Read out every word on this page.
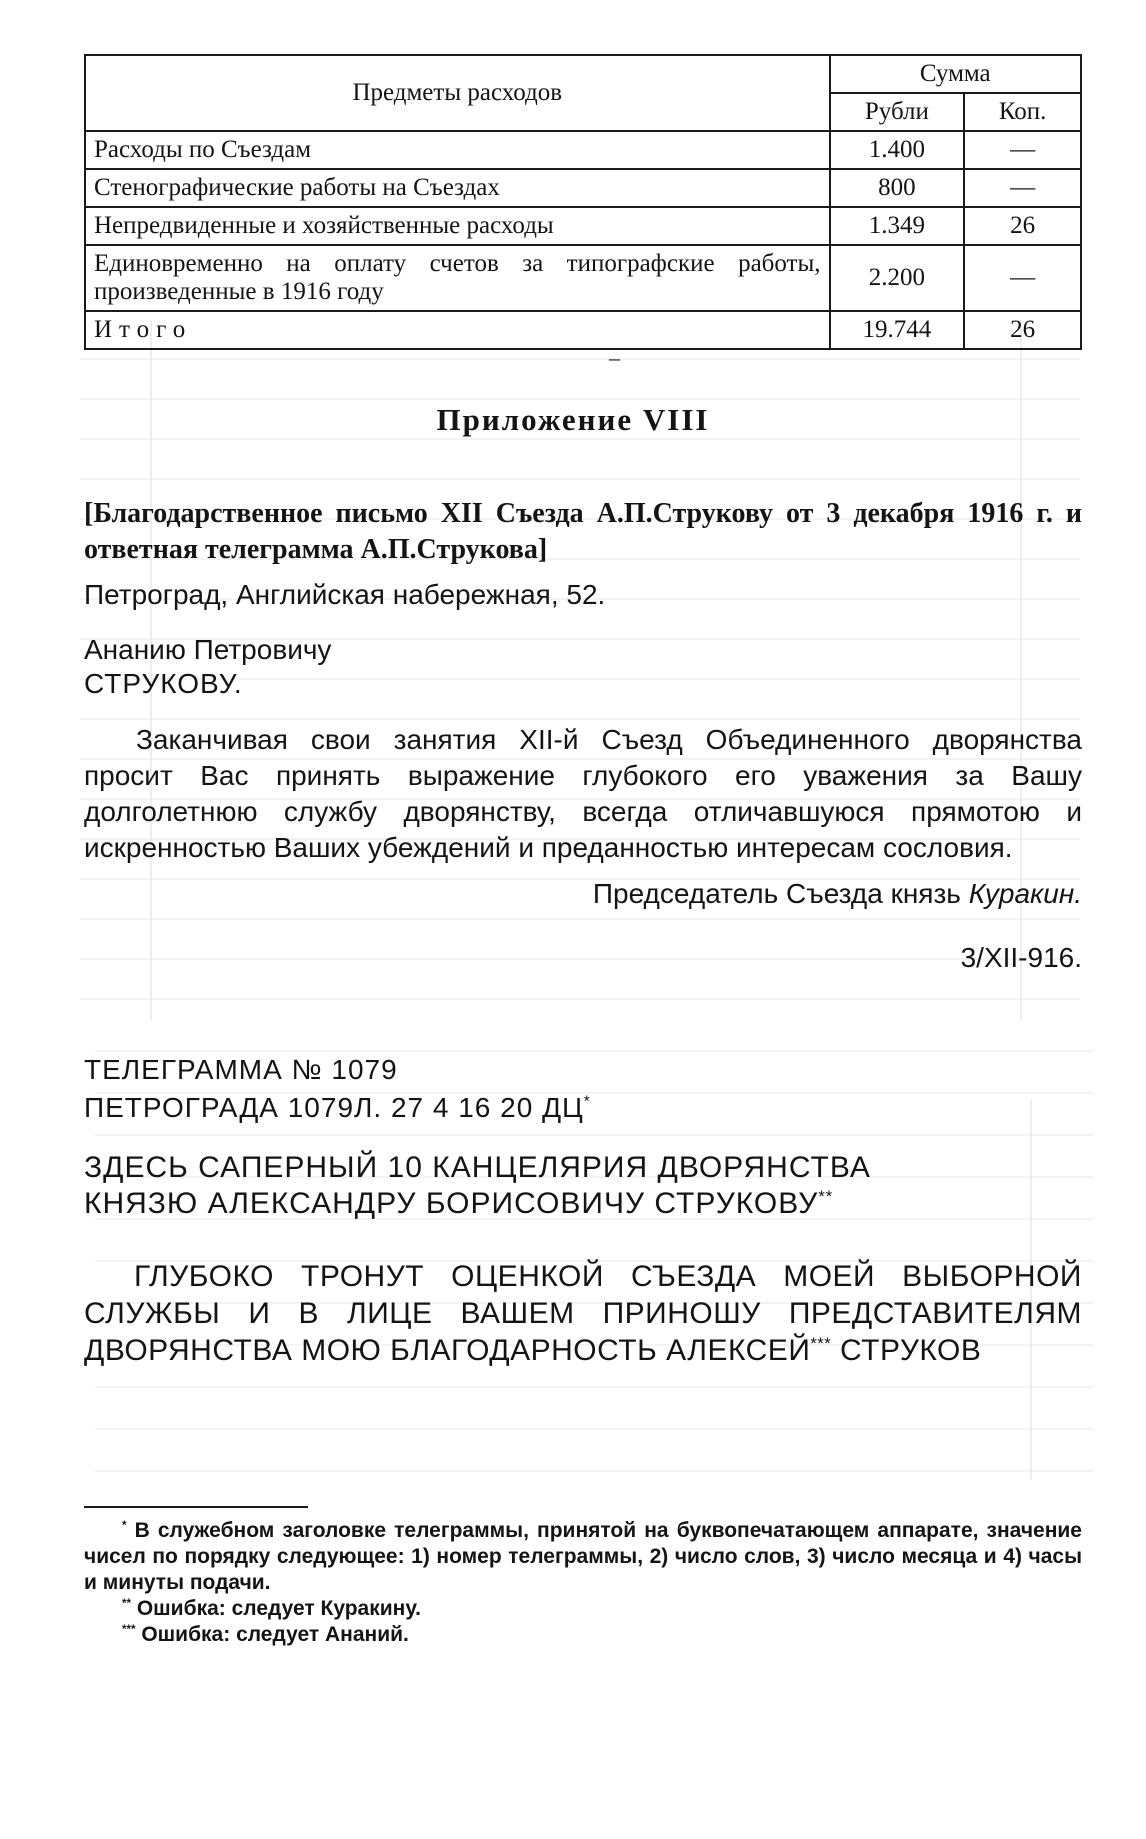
Предметы расходов	Сумма	
	Рубли	Коп.
Расходы по Съездам	1.400	—
Стенографические работы на Съездах	800	—
Непредвиденные и хозяйственные расходы	1.349	26
Единовременно на оплату счетов за типографские работы, произведенные в 1916 году	2.200	—
Итого	19.744	26
‒
Приложение VIII

[Благодарственное письмо XII Съезда А.П.Струкову от 3 декабря 1916 г. и ответная телеграмма А.П.Струкова]

Петроград, Английская набережная, 52.
Ананию Петровичу
СТРУКОВУ.

Заканчивая свои занятия XII-й Съезд Объединенного дворянства просит Вас принять выражение глубокого его уважения за Вашу долголетнюю службу дворянству, всегда отличавшуюся прямотою и искренностью Ваших убеждений и преданностью интересам сословия.

Председатель Съезда князь Куракин.
3/XII-916.
ТЕЛЕГРАММА № 1079
ПЕТРОГРАДА 1079Л. 27 4 16 20 ДЦ*
ЗДЕСЬ САПЕРНЫЙ 10 КАНЦЕЛЯРИЯ ДВОРЯНСТВА
КНЯЗЮ АЛЕКСАНДРУ БОРИСОВИЧУ СТРУКОВУ**

ГЛУБОКО ТРОНУТ ОЦЕНКОЙ СЪЕЗДА МОЕЙ ВЫБОРНОЙ СЛУЖБЫ И В ЛИЦЕ ВАШЕМ ПРИНОШУ ПРЕДСТАВИТЕЛЯМ ДВОРЯНСТВА МОЮ БЛАГОДАРНОСТЬ АЛЕКСЕЙ*** СТРУКОВ

* В служебном заголовке телеграммы, принятой на буквопечатающем аппарате, значение чисел по порядку следующее: 1) номер телеграммы, 2) число слов, 3) число месяца и 4) часы и минуты подачи.

** Ошибка: следует Куракину.

*** Ошибка: следует Ананий.
